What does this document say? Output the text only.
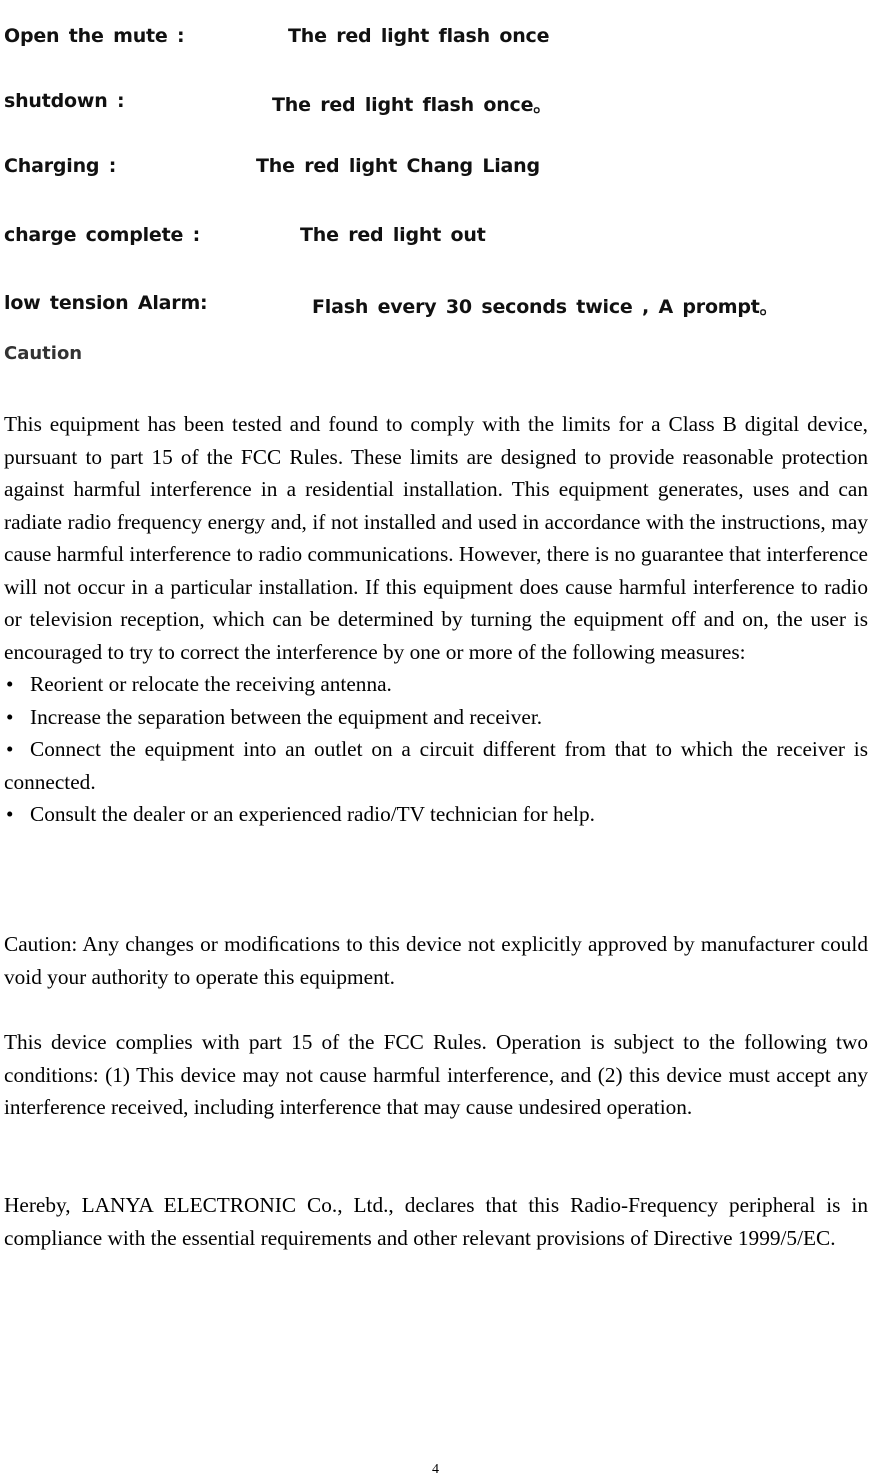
Open the mute :	The red light flash once
shutdown :	The red light flash once。
Charging :	The red light Chang Liang
charge complete :	The red light out
low tension Alarm:	Flash every 30 seconds twice , A prompt。
Caution

This equipment has been tested and found to comply with the limits for a Class B digital device, pursuant to part 15 of the FCC Rules. These limits are designed to provide reasonable protection against harmful interference in a residential installation. This equipment generates, uses and can radiate radio frequency energy and, if not installed and used in accordance with the instructions, may cause harmful interference to radio communications. However, there is no guarantee that interference will not occur in a particular installation. If this equipment does cause harmful interference to radio or television reception, which can be determined by turning the equipment off and on, the user is encouraged to try to correct the interference by one or more of the following measures:

• Reorient or relocate the receiving antenna.
• Increase the separation between the equipment and receiver.
• Connect the equipment into an outlet on a circuit different from that to which the receiver is connected.
• Consult the dealer or an experienced radio/TV technician for help.

Caution: Any changes or modiﬁcations to this device not explicitly approved by manufacturer could void your authority to operate this equipment.

This device complies with part 15 of the FCC Rules. Operation is subject to the following two conditions: (1) This device may not cause harmful interference, and (2) this device must accept any interference received, including interference that may cause undesired operation.

Hereby, LANYA ELECTRONIC Co., Ltd., declares that this Radio-Frequency peripheral is in compliance with the essential requirements and other relevant provisions of Directive 1999/5/EC.

4
